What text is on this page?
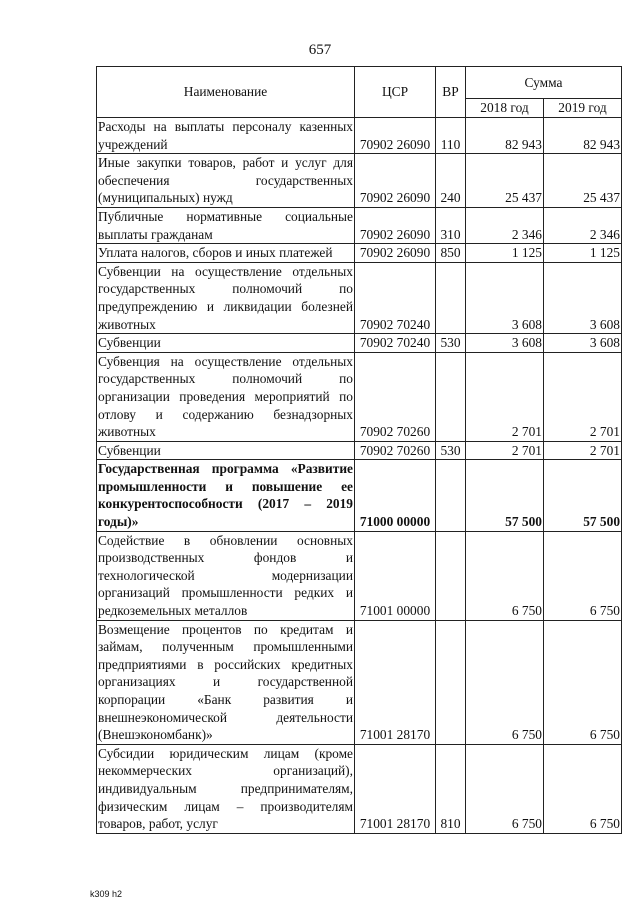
657
Наименование	ЦСР	ВР	Сумма	
			2018 год	2019 год
Расходы на выплаты персоналу казенных учреждений	70902 26090	110	82 943	82 943
Иные закупки товаров, работ и услуг для обеспечения государственных (муниципальных) нужд	70902 26090	240	25 437	25 437
Публичные нормативные социальные выплаты гражданам	70902 26090	310	2 346	2 346
Уплата налогов, сборов и иных платежей	70902 26090	850	1 125	1 125
Субвенции на осуществление отдельных государственных полномочий по предупреждению и ликвидации болезней животных	70902 70240		3 608	3 608
Субвенции	70902 70240	530	3 608	3 608
Субвенция на осуществление отдельных государственных полномочий по организации проведения мероприятий по отлову и содержанию безнадзорных животных	70902 70260		2 701	2 701
Субвенции	70902 70260	530	2 701	2 701
Государственная программа «Развитие промышленности и повышение ее конкурентоспособности (2017 – 2019 годы)»	71000 00000		57 500	57 500
Содействие в обновлении основных производственных фондов и технологической модернизации организаций промышленности редких и редкоземельных металлов	71001 00000		6 750	6 750
Возмещение процентов по кредитам и займам, полученным промышленными предприятиями в российских кредитных организациях и государственной корпорации «Банк развития и внешнеэкономической деятельности (Внешэкономбанк)»	71001 28170		6 750	6 750
Субсидии юридическим лицам (кроме некоммерческих организаций), индивидуальным предпринимателям, физическим лицам – производителям товаров, работ, услуг	71001 28170	810	6 750	6 750
k309 h2
